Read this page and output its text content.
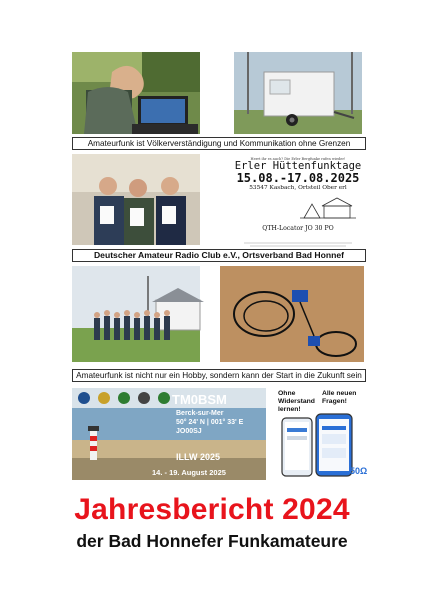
Amateurfunk ist Völkerverständigung und Kommunikation ohne Grenzen
Herrt ihr es auch? Die Erler Bergfunke rufen wieder!
Erler Hüttenfunktage
15.08.-17.08.2025
53547 Kasbach, Ortsteil Ober erl
QTH-Locator JO 30 PO
Deutscher Amateur Radio Club e.V., Ortsverband Bad Honnef
Amateurfunk ist nicht nur ein Hobby, sondern kann der Start in die Zukunft sein
TM0BSM
Berck-sur-Mer
50° 24' N | 001° 33' E
JO00SJ
ILLW 2025
14. - 19. August 2025
Ohne Widerstand lernen!
Alle neuen Fragen!
50Ω
Jahresbericht 2024
der Bad Honnefer Funkamateure
